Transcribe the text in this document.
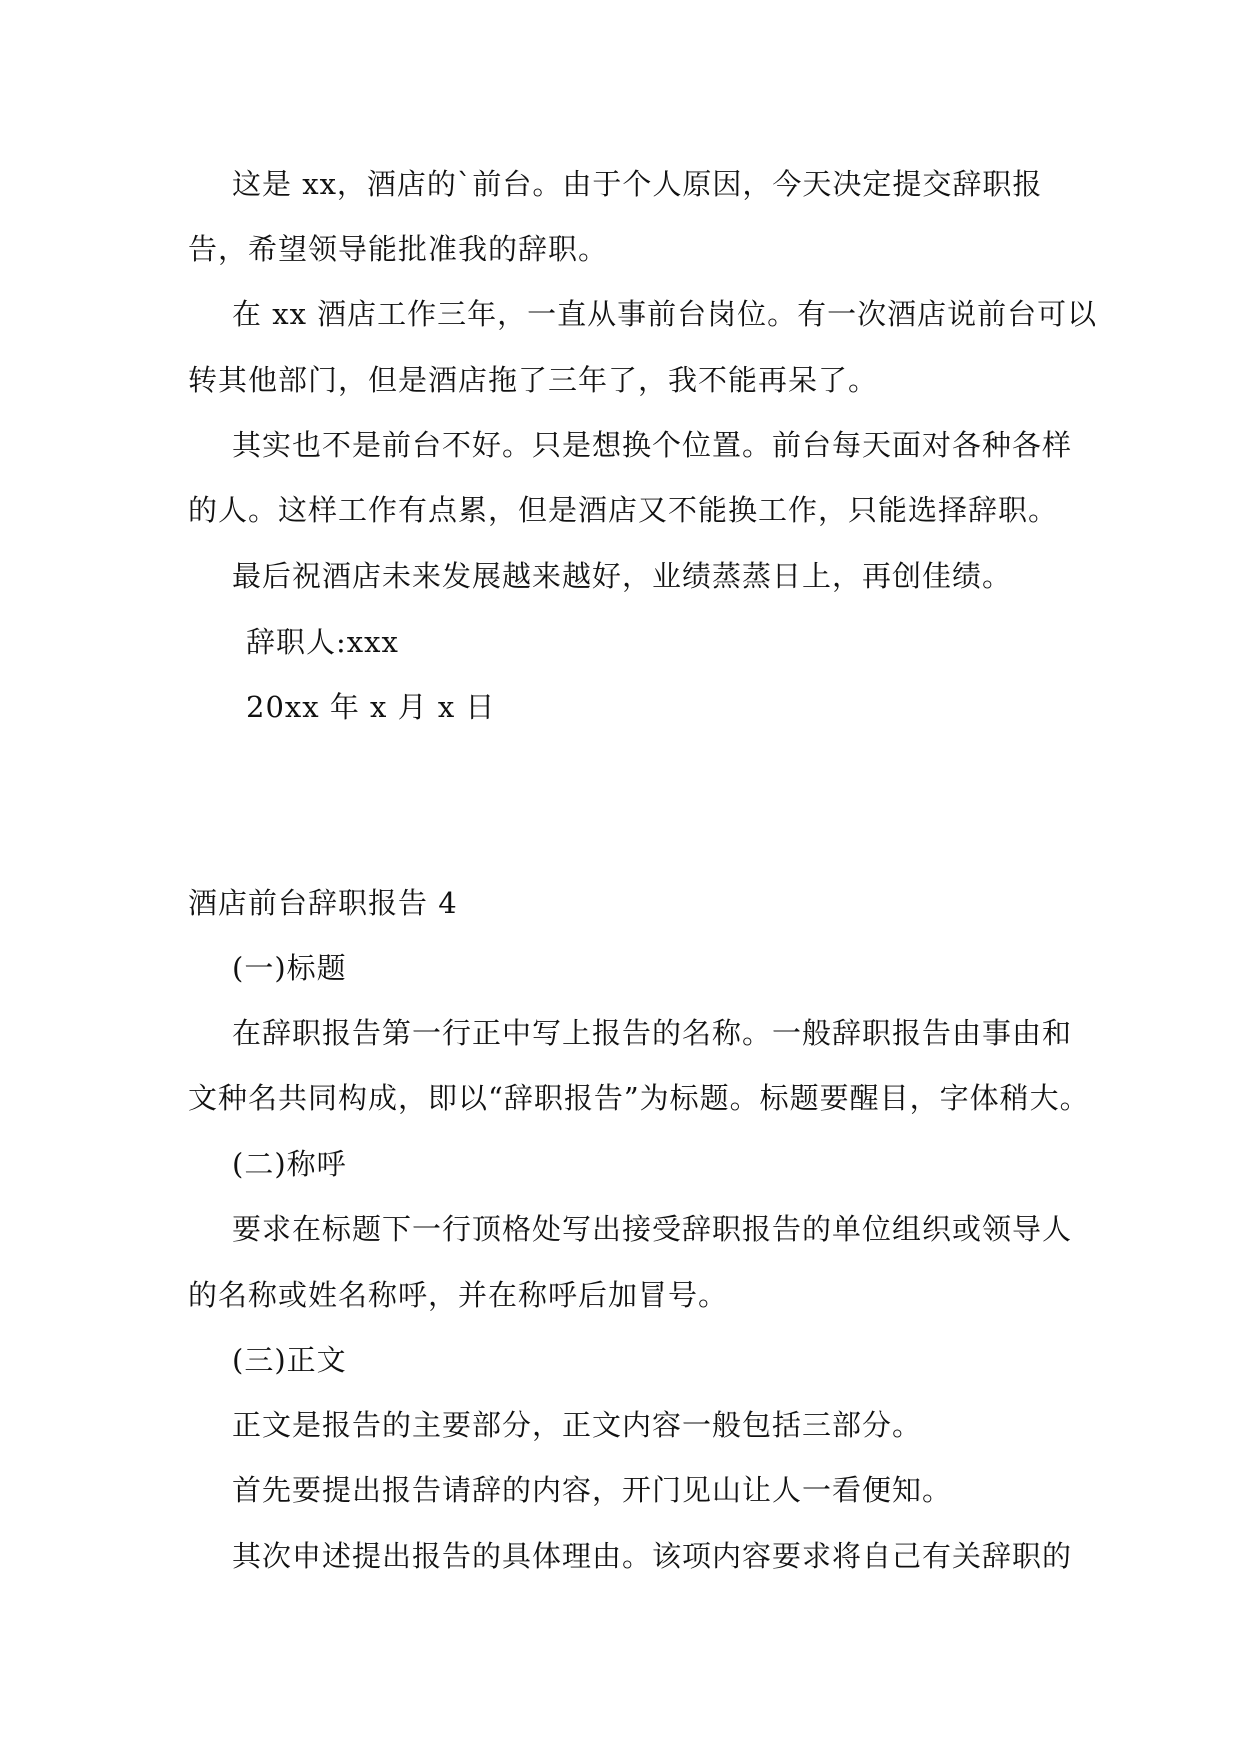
这是 xx，酒店的`前台。由于个人原因，今天决定提交辞职报
告，希望领导能批准我的辞职。
在 xx 酒店工作三年，一直从事前台岗位。有一次酒店说前台可以
转其他部门，但是酒店拖了三年了，我不能再呆了。
其实也不是前台不好。只是想换个位置。前台每天面对各种各样
的人。这样工作有点累，但是酒店又不能换工作，只能选择辞职。
最后祝酒店未来发展越来越好，业绩蒸蒸日上，再创佳绩。
辞职人:xxx
20xx 年 x 月 x 日
酒店前台辞职报告 4
(一)标题
在辞职报告第一行正中写上报告的名称。一般辞职报告由事由和
文种名共同构成，即以“辞职报告”为标题。标题要醒目，字体稍大。
(二)称呼
要求在标题下一行顶格处写出接受辞职报告的单位组织或领导人
的名称或姓名称呼，并在称呼后加冒号。
(三)正文
正文是报告的主要部分，正文内容一般包括三部分。
首先要提出报告请辞的内容，开门见山让人一看便知。
其次申述提出报告的具体理由。该项内容要求将自己有关辞职的
